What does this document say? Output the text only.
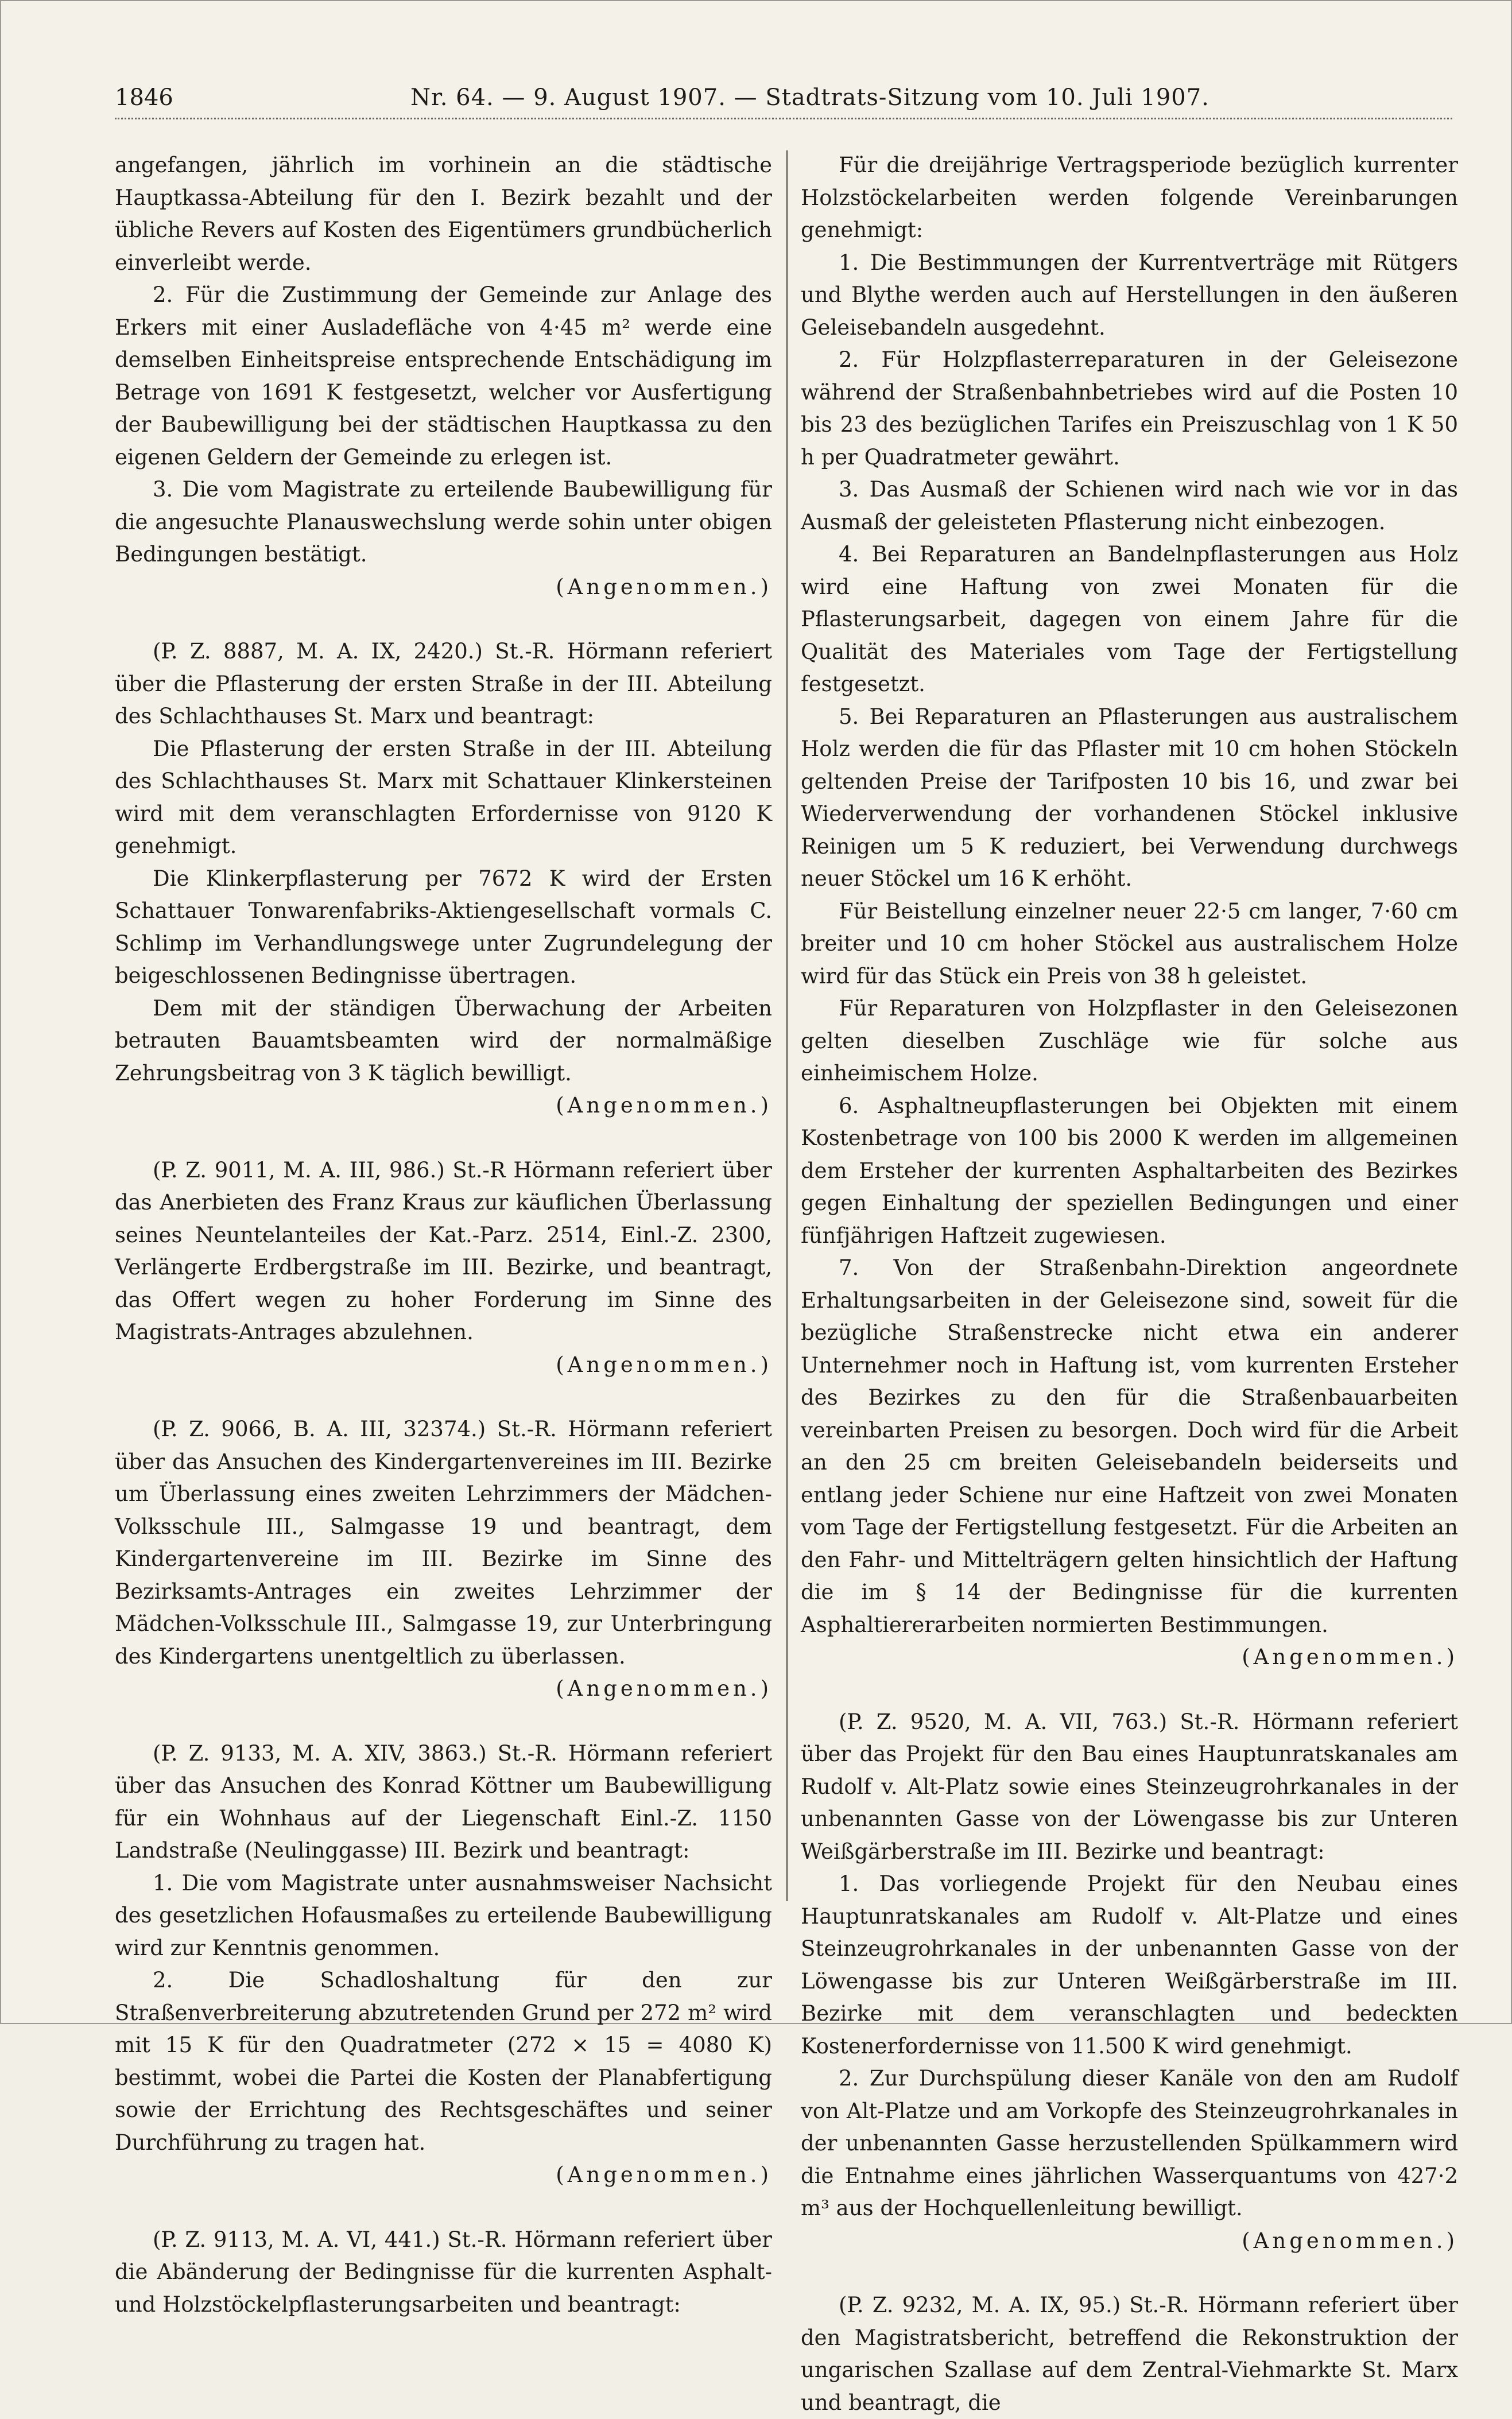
1846	Nr. 64. — 9. August 1907. — Stadtrats-Sitzung vom 10. Juli 1907.

angefangen, jährlich im vorhinein an die städtische Hauptkassa-Abteilung für den I. Bezirk bezahlt und der übliche Revers auf Kosten des Eigentümers grundbücherlich einverleibt werde.

2. Für die Zustimmung der Gemeinde zur Anlage des Erkers mit einer Ausladefläche von 4·45 m² werde eine demselben Einheitspreise entsprechende Entschädigung im Betrage von 1691 K festgesetzt, welcher vor Ausfertigung der Baubewilligung bei der städtischen Hauptkassa zu den eigenen Geldern der Gemeinde zu erlegen ist.

3. Die vom Magistrate zu erteilende Baubewilligung für die angesuchte Planauswechslung werde sohin unter obigen Bedingungen bestätigt.

(Angenommen.)

(P. Z. 8887, M. A. IX, 2420.) St.-R. Hörmann referiert über die Pflasterung der ersten Straße in der III. Abteilung des Schlachthauses St. Marx und beantragt:

Die Pflasterung der ersten Straße in der III. Abteilung des Schlachthauses St. Marx mit Schattauer Klinkersteinen wird mit dem veranschlagten Erfordernisse von 9120 K genehmigt.

Die Klinkerpflasterung per 7672 K wird der Ersten Schattauer Tonwarenfabriks-Aktiengesellschaft vormals C. Schlimp im Verhandlungswege unter Zugrundelegung der beigeschlossenen Bedingnisse übertragen.

Dem mit der ständigen Überwachung der Arbeiten betrauten Bauamtsbeamten wird der normalmäßige Zehrungsbeitrag von 3 K täglich bewilligt.

(Angenommen.)

(P. Z. 9011, M. A. III, 986.) St.-R Hörmann referiert über das Anerbieten des Franz Kraus zur käuflichen Überlassung seines Neuntelanteiles der Kat.-Parz. 2514, Einl.-Z. 2300, Verlängerte Erdbergstraße im III. Bezirke, und beantragt, das Offert wegen zu hoher Forderung im Sinne des Magistrats-Antrages abzulehnen.

(Angenommen.)

(P. Z. 9066, B. A. III, 32374.) St.-R. Hörmann referiert über das Ansuchen des Kindergartenvereines im III. Bezirke um Überlassung eines zweiten Lehrzimmers der Mädchen-Volksschule III., Salmgasse 19 und beantragt, dem Kindergartenvereine im III. Bezirke im Sinne des Bezirksamts-Antrages ein zweites Lehrzimmer der Mädchen-Volksschule III., Salmgasse 19, zur Unterbringung des Kindergartens unentgeltlich zu überlassen.

(Angenommen.)

(P. Z. 9133, M. A. XIV, 3863.) St.-R. Hörmann referiert über das Ansuchen des Konrad Köttner um Baubewilligung für ein Wohnhaus auf der Liegenschaft Einl.-Z. 1150 Landstraße (Neulinggasse) III. Bezirk und beantragt:

1. Die vom Magistrate unter ausnahmsweiser Nachsicht des gesetzlichen Hofausmaßes zu erteilende Baubewilligung wird zur Kenntnis genommen.

2. Die Schadloshaltung für den zur Straßenverbreiterung abzutretenden Grund per 272 m² wird mit 15 K für den Quadratmeter (272 × 15 = 4080 K) bestimmt, wobei die Partei die Kosten der Planabfertigung sowie der Errichtung des Rechtsgeschäftes und seiner Durchführung zu tragen hat.

(Angenommen.)

(P. Z. 9113, M. A. VI, 441.) St.-R. Hörmann referiert über die Abänderung der Bedingnisse für die kurrenten Asphalt- und Holzstöckelpflasterungsarbeiten und beantragt:

Für die dreijährige Vertragsperiode bezüglich kurrenter Holzstöckelarbeiten werden folgende Vereinbarungen genehmigt:

1. Die Bestimmungen der Kurrentverträge mit Rütgers und Blythe werden auch auf Herstellungen in den äußeren Geleisebandeln ausgedehnt.

2. Für Holzpflasterreparaturen in der Geleisezone während der Straßenbahnbetriebes wird auf die Posten 10 bis 23 des bezüglichen Tarifes ein Preiszuschlag von 1 K 50 h per Quadratmeter gewährt.

3. Das Ausmaß der Schienen wird nach wie vor in das Ausmaß der geleisteten Pflasterung nicht einbezogen.

4. Bei Reparaturen an Bandelnpflasterungen aus Holz wird eine Haftung von zwei Monaten für die Pflasterungsarbeit, dagegen von einem Jahre für die Qualität des Materiales vom Tage der Fertigstellung festgesetzt.

5. Bei Reparaturen an Pflasterungen aus australischem Holz werden die für das Pflaster mit 10 cm hohen Stöckeln geltenden Preise der Tarifposten 10 bis 16, und zwar bei Wiederverwendung der vorhandenen Stöckel inklusive Reinigen um 5 K reduziert, bei Verwendung durchwegs neuer Stöckel um 16 K erhöht.

Für Beistellung einzelner neuer 22·5 cm langer, 7·60 cm breiter und 10 cm hoher Stöckel aus australischem Holze wird für das Stück ein Preis von 38 h geleistet.

Für Reparaturen von Holzpflaster in den Geleisezonen gelten dieselben Zuschläge wie für solche aus einheimischem Holze.

6. Asphaltneupflasterungen bei Objekten mit einem Kostenbetrage von 100 bis 2000 K werden im allgemeinen dem Ersteher der kurrenten Asphaltarbeiten des Bezirkes gegen Einhaltung der speziellen Bedingungen und einer fünfjährigen Haftzeit zugewiesen.

7. Von der Straßenbahn-Direktion angeordnete Erhaltungsarbeiten in der Geleisezone sind, soweit für die bezügliche Straßenstrecke nicht etwa ein anderer Unternehmer noch in Haftung ist, vom kurrenten Ersteher des Bezirkes zu den für die Straßenbauarbeiten vereinbarten Preisen zu besorgen. Doch wird für die Arbeit an den 25 cm breiten Geleisebandeln beiderseits und entlang jeder Schiene nur eine Haftzeit von zwei Monaten vom Tage der Fertigstellung festgesetzt. Für die Arbeiten an den Fahr- und Mittelträgern gelten hinsichtlich der Haftung die im § 14 der Bedingnisse für die kurrenten Asphaltiererarbeiten normierten Bestimmungen.

(Angenommen.)

(P. Z. 9520, M. A. VII, 763.) St.-R. Hörmann referiert über das Projekt für den Bau eines Hauptunratskanales am Rudolf v. Alt-Platz sowie eines Steinzeugrohrkanales in der unbenannten Gasse von der Löwengasse bis zur Unteren Weißgärberstraße im III. Bezirke und beantragt:

1. Das vorliegende Projekt für den Neubau eines Hauptunratskanales am Rudolf v. Alt-Platze und eines Steinzeugrohrkanales in der unbenannten Gasse von der Löwengasse bis zur Unteren Weißgärberstraße im III. Bezirke mit dem veranschlagten und bedeckten Kostenerfordernisse von 11.500 K wird genehmigt.

2. Zur Durchspülung dieser Kanäle von den am Rudolf von Alt-Platze und am Vorkopfe des Steinzeugrohrkanales in der unbenannten Gasse herzustellenden Spülkammern wird die Entnahme eines jährlichen Wasserquantums von 427·2 m³ aus der Hochquellenleitung bewilligt.

(Angenommen.)

(P. Z. 9232, M. A. IX, 95.) St.-R. Hörmann referiert über den Magistratsbericht, betreffend die Rekonstruktion der ungarischen Szallase auf dem Zentral-Viehmarkte St. Marx und beantragt, die
